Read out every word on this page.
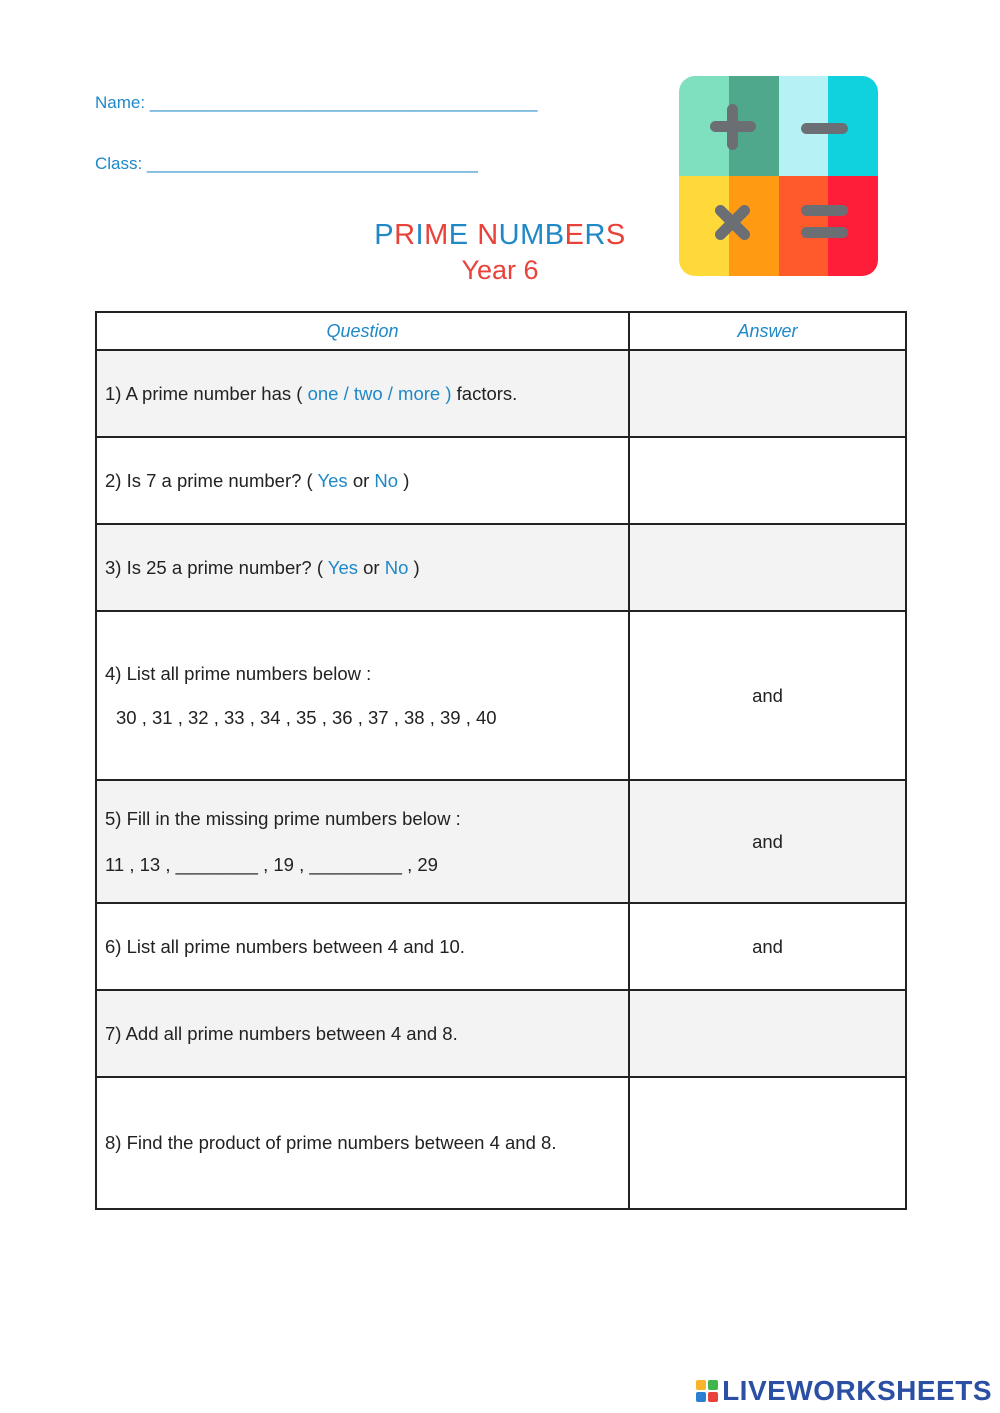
Name: _________________________________________
Class: ___________________________________
PRIME NUMBERS
Year 6
Question	Answer
1) A prime number has ( one / two / more ) factors.	
2) Is 7 a prime number? ( Yes or No )	
3) Is 25 a prime number? ( Yes or No )	

4) List all prime numbers below :
30 , 31 , 32 , 33 , 34 , 35 , 36 , 37 , 38 , 39 , 40	and

5) Fill in the missing prime numbers below :
11 , 13 , ________ , 19 , _________ , 29	and
6) List all prime numbers between 4 and 10.	and
7) Add all prime numbers between 4 and 8.	
8) Find the product of prime numbers between 4 and 8.	
LIVEWORKSHEETS
